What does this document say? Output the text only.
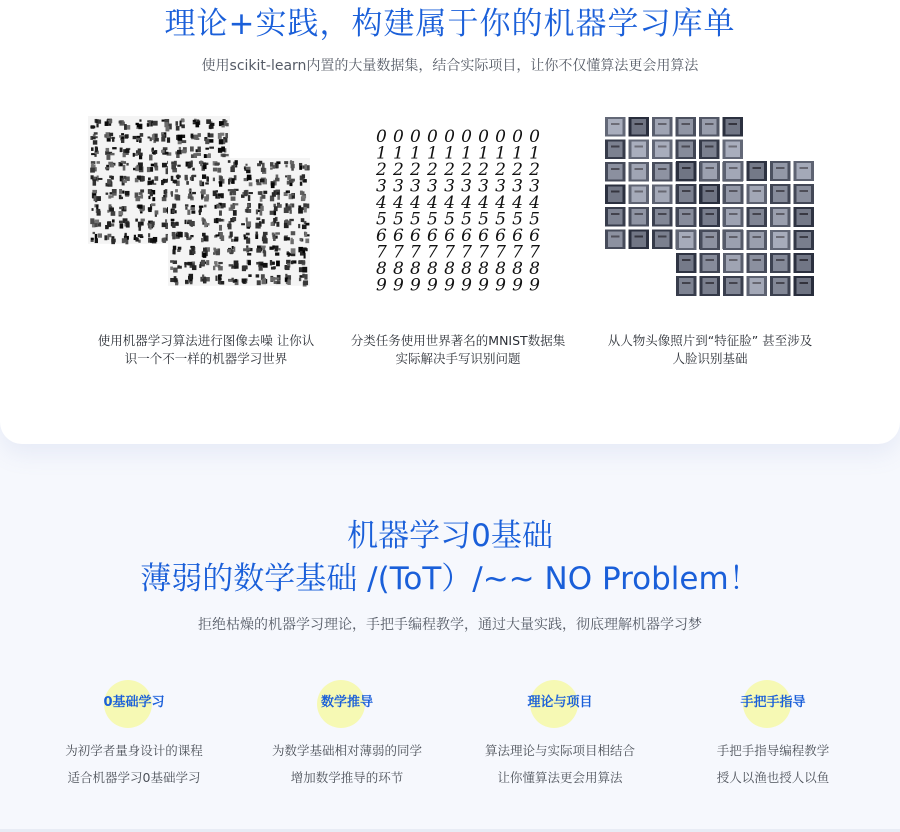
理论+实践，构建属于你的机器学习库单
使用scikit-learn内置的大量数据集，结合实际项目，让你不仅懂算法更会用算法
使用机器学习算法进行图像去噪 让你认
识一个不一样的机器学习世界
0000000000
1111111111
2222222222
3333333333
4444444444
5555555555
6666666666
7777777777
8888888888
9999999999
分类任务使用世界著名的MNIST数据集
实际解决手写识别问题
从人物头像照片到“特征脸” 甚至涉及
人脸识别基础
机器学习0基础
薄弱的数学基础 /(ToT）/~~ NO Problem！
拒绝枯燥的机器学习理论，手把手编程教学，通过大量实践，彻底理解机器学习梦
0基础学习
为初学者量身设计的课程
适合机器学习0基础学习
数学推导
为数学基础相对薄弱的同学
增加数学推导的环节
理论与项目
算法理论与实际项目相结合
让你懂算法更会用算法
手把手指导
手把手指导编程教学
授人以渔也授人以鱼
